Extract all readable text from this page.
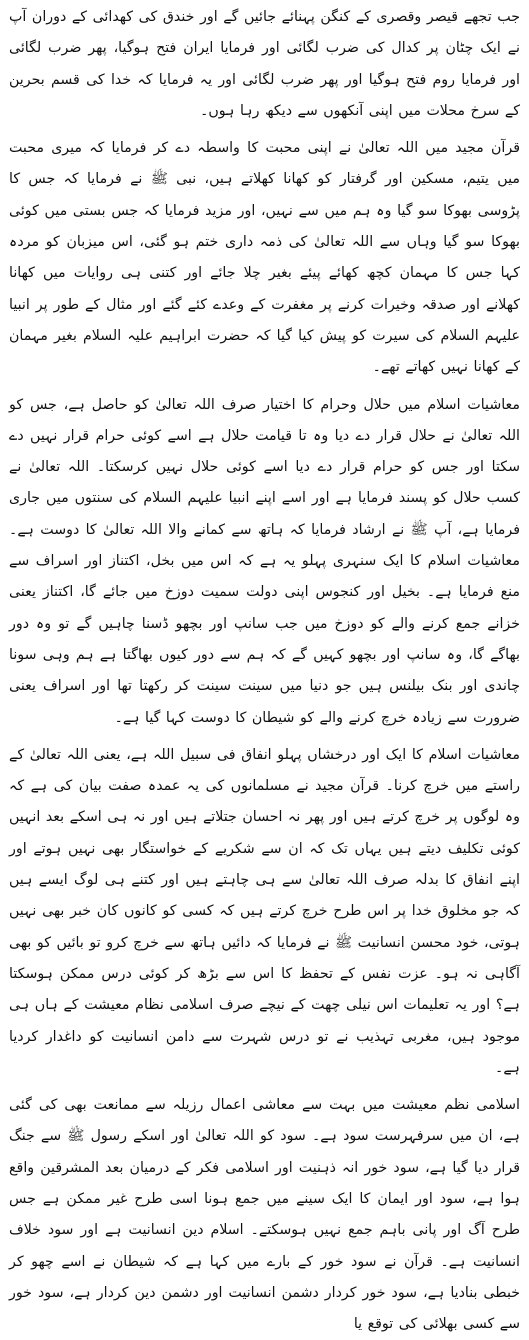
جب تجھے قیصر وقصری کے کنگن پہنائے جائیں گے اور خندق کی کھدائی کے دوران آپ نے ایک چٹان پر کدال کی ضرب لگائی اور فرمایا ایران فتح ہوگیا، پھر ضرب لگائی اور فرمایا روم فتح ہوگیا اور پھر ضرب لگائی اور یہ فرمایا کہ خدا کی قسم بحرین کے سرخ محلات میں اپنی آنکھوں سے دیکھ رہا ہوں۔

قرآن مجید میں اللہ تعالیٰ نے اپنی محبت کا واسطہ دے کر فرمایا کہ میری محبت میں یتیم، مسکین اور گرفتار کو کھانا کھلاتے ہیں، نبی ﷺ نے فرمایا کہ جس کا پڑوسی بھوکا سو گیا وہ ہم میں سے نہیں، اور مزید فرمایا کہ جس بستی میں کوئی بھوکا سو گیا وہاں سے اللہ تعالیٰ کی ذمہ داری ختم ہو گئی، اس میزبان کو مردہ کہا جس کا مہمان کچھ کھائے پیئے بغیر چلا جائے اور کتنی ہی روایات میں کھانا کھلانے اور صدقہ وخیرات کرنے پر مغفرت کے وعدے کئے گئے اور مثال کے طور پر انبیا علیہم السلام کی سیرت کو پیش کیا گیا کہ حضرت ابراہیم علیہ السلام بغیر مہمان کے کھانا نہیں کھاتے تھے۔

معاشیات اسلام میں حلال وحرام کا اختیار صرف اللہ تعالیٰ کو حاصل ہے، جس کو اللہ تعالیٰ نے حلال قرار دے دیا وہ تا قیامت حلال ہے اسے کوئی حرام قرار نہیں دے سکتا اور جس کو حرام قرار دے دیا اسے کوئی حلال نہیں کرسکتا۔ اللہ تعالیٰ نے کسب حلال کو پسند فرمایا ہے اور اسے اپنے انبیا علیہم السلام کی سنتوں میں جاری فرمایا ہے، آپ ﷺ نے ارشاد فرمایا کہ ہاتھ سے کمانے والا اللہ تعالیٰ کا دوست ہے۔ معاشیات اسلام کا ایک سنہری پہلو یہ ہے کہ اس میں بخل، اکتناز اور اسراف سے منع فرمایا ہے۔ بخیل اور کنجوس اپنی دولت سمیت دوزخ میں جائے گا، اکتناز یعنی خزانے جمع کرنے والے کو دوزخ میں جب سانپ اور بچھو ڈسنا چاہیں گے تو وہ دور بھاگے گا، وہ سانپ اور بچھو کہیں گے کہ ہم سے دور کیوں بھاگتا ہے ہم وہی سونا چاندی اور بنک بیلنس ہیں جو دنیا میں سینت سینت کر رکھتا تھا اور اسراف یعنی ضرورت سے زیادہ خرچ کرنے والے کو شیطان کا دوست کہا گیا ہے۔

معاشیات اسلام کا ایک اور درخشاں پہلو انفاق فی سبیل اللہ ہے، یعنی اللہ تعالیٰ کے راستے میں خرچ کرنا۔ قرآن مجید نے مسلمانوں کی یہ عمدہ صفت بیان کی ہے کہ وہ لوگوں پر خرچ کرتے ہیں اور پھر نہ احسان جتلاتے ہیں اور نہ ہی اسکے بعد انہیں کوئی تکلیف دیتے ہیں یہاں تک کہ ان سے شکریے کے خواستگار بھی نہیں ہوتے اور اپنے انفاق کا بدلہ صرف اللہ تعالیٰ سے ہی چاہتے ہیں اور کتنے ہی لوگ ایسے ہیں کہ جو مخلوق خدا پر اس طرح خرچ کرتے ہیں کہ کسی کو کانوں کان خبر بھی نہیں ہوتی، خود محسن انسانیت ﷺ نے فرمایا کہ دائیں ہاتھ سے خرچ کرو تو بائیں کو بھی آگاہی نہ ہو۔ عزت نفس کے تحفظ کا اس سے بڑھ کر کوئی درس ممکن ہوسکتا ہے؟ اور یہ تعلیمات اس نیلی چھت کے نیچے صرف اسلامی نظام معیشت کے ہاں ہی موجود ہیں، مغربی تہذیب نے تو درس شہرت سے دامن انسانیت کو داغدار کردیا ہے۔

اسلامی نظم معیشت میں بہت سے معاشی اعمال رزیلہ سے ممانعت بھی کی گئی ہے، ان میں سرفہرست سود ہے۔ سود کو اللہ تعالیٰ اور اسکے رسول ﷺ سے جنگ قرار دیا گیا ہے، سود خور انہ ذہنیت اور اسلامی فکر کے درمیان بعد المشرقین واقع ہوا ہے، سود اور ایمان کا ایک سینے میں جمع ہونا اسی طرح غیر ممکن ہے جس طرح آگ اور پانی باہم جمع نہیں ہوسکتے۔ اسلام دین انسانیت ہے اور سود خلاف انسانیت ہے۔ قرآن نے سود خور کے بارے میں کہا ہے کہ شیطان نے اسے چھو کر خبطی بنادیا ہے، سود خور کردار دشمن انسانیت اور دشمن دین کردار ہے، سود خور سے کسی بھلائی کی توقع یا
